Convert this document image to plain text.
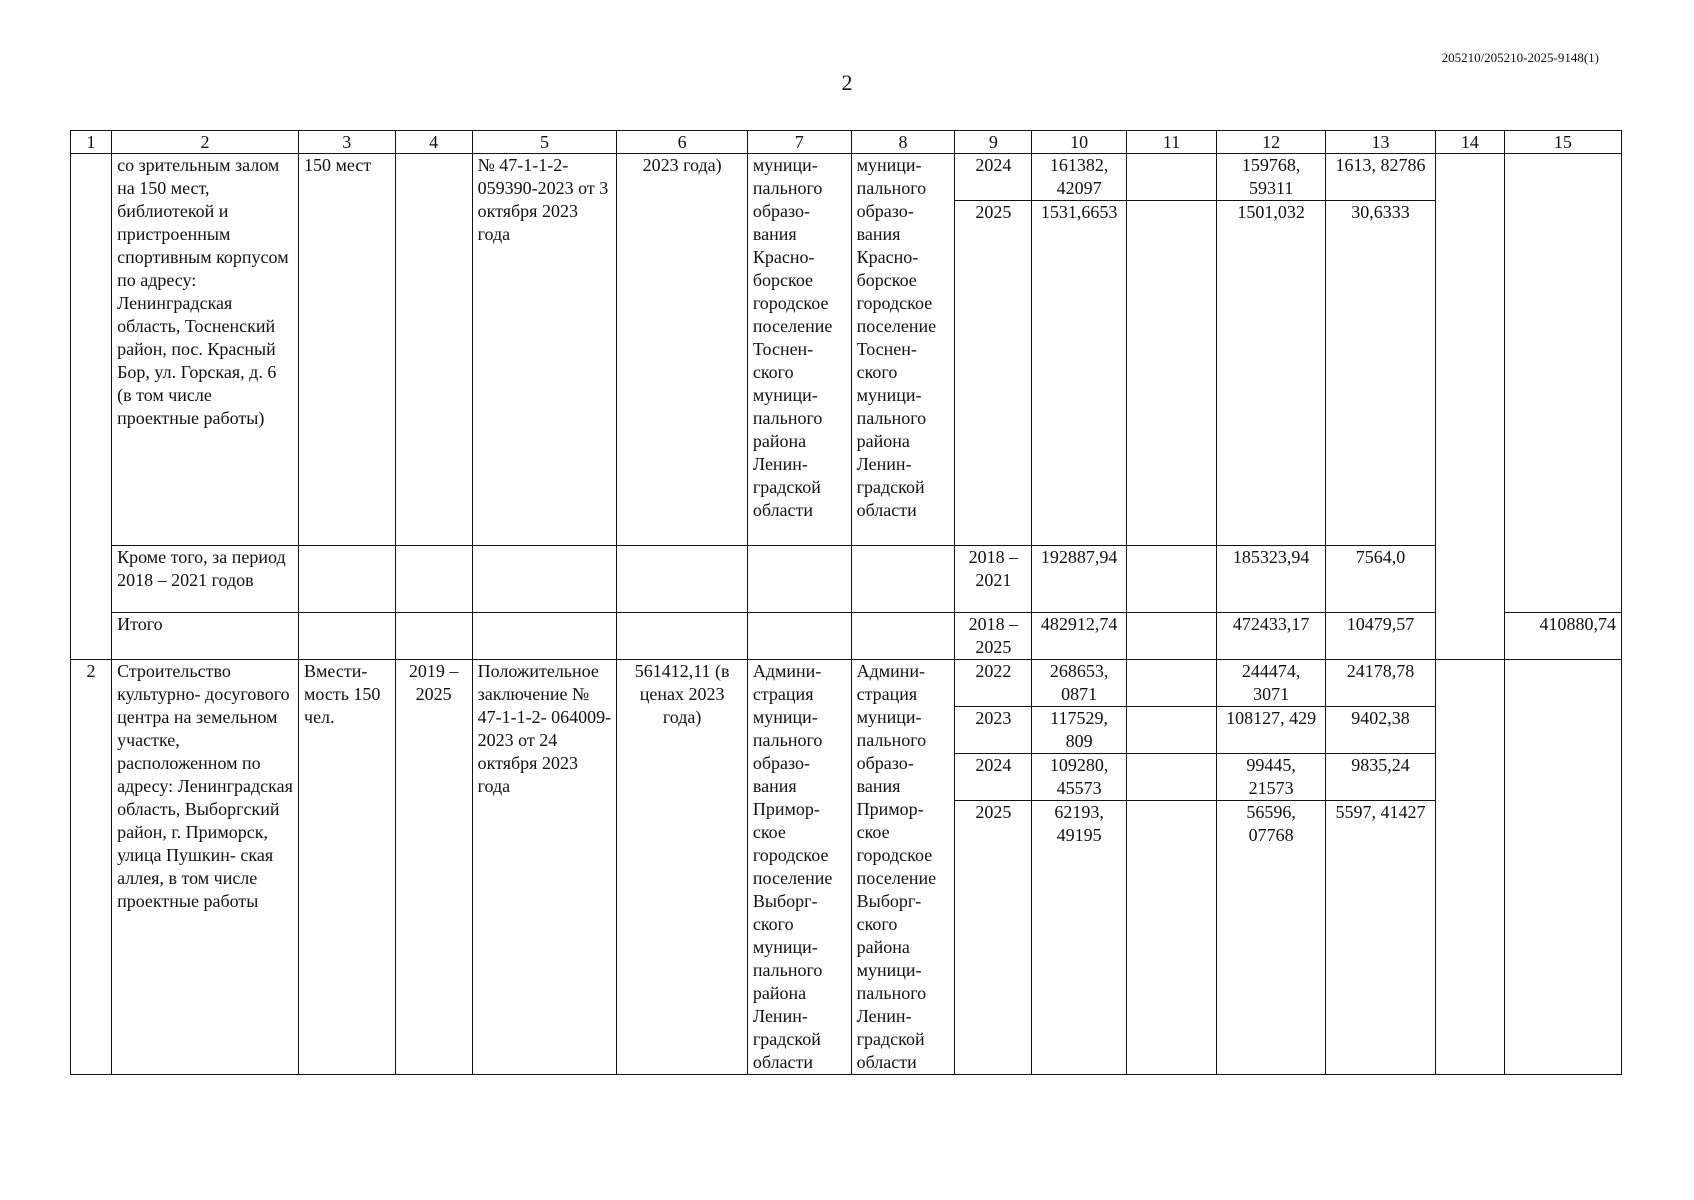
205210/205210-2025-9148(1)
2
1	2	3	4	5	6	7	8	9	10	11	12	13	14	15
	со зрительным залом на 150 мест, библиотекой и пристроенным спортивным корпусом по адресу: Ленинградская область, Тосненский район, пос. Красный Бор, ул. Горская, д. 6 (в том числе проектные работы)	150 мест		№ 47-1-1-2- 059390-2023 от 3 октября 2023 года	2023 года)	муници- пального образо- вания Красно- борское городское поселение Тоснен- ского муници- пального района Ленин- градской области	муници- пального образо- вания Красно- борское городское поселение Тоснен- ского муници- пального района Ленин- градской области	2024	161382, 42097		159768, 59311	1613, 82786		
								2025	1531,6653		1501,032	30,6333		
	Кроме того, за период 2018 – 2021 годов							2018 – 2021	192887,94		185323,94	7564,0		
	Итого							2018 – 2025	482912,74		472433,17	10479,57		410880,74
2	Строительство культурно- досугового центра на земельном участке, расположенном по адресу: Ленинградская область, Выборгский район, г. Приморск, улица Пушкин- ская аллея, в том числе проектные работы	Вмести- мость 150 чел.	2019 – 2025	Положительное заключение № 47-1-1-2- 064009-2023 от 24 октября 2023 года	561412,11 (в ценах 2023 года)	Админи- страция муници- пального образо- вания Примор- ское городское поселение Выборг- ского муници- пального района Ленин- градской области	Админи- страция муници- пального образо- вания Примор- ское городское поселение Выборг- ского района муници- пального Ленин- градской области	2022	268653, 0871		244474, 3071	24178,78		
								2023	117529, 809		108127, 429	9402,38		
								2024	109280, 45573		99445, 21573	9835,24		
								2025	62193, 49195		56596, 07768	5597, 41427		
